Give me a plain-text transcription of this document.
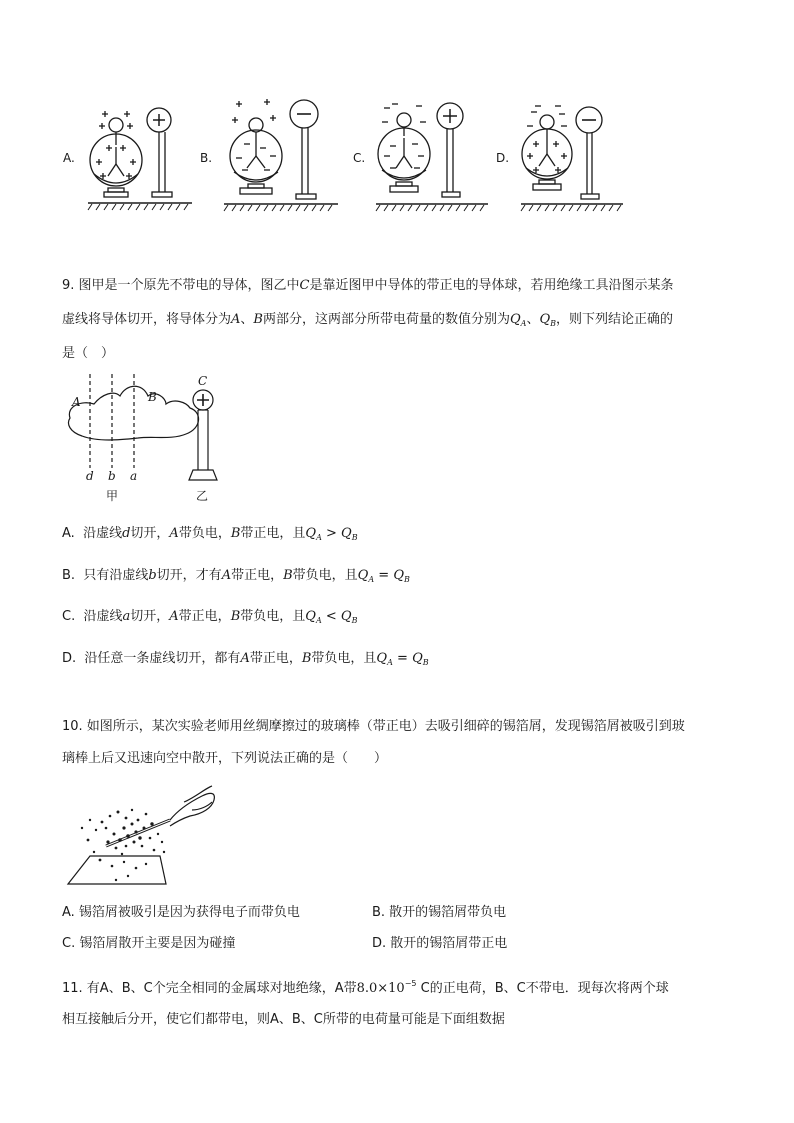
A.	B.	C.	D.
9. 图甲是一个原先不带电的导体，图乙中C是靠近图甲中导体的带正电的导体球，若用绝缘工具沿图示某条
虚线将导体切开，将导体分为A、B两部分，这两部分所带电荷量的数值分别为$Q_A$、$Q_B$，则下列结论正确的
是（　）
A	B
C
d b a
甲	乙
A. 沿虚线d切开，A带负电，B带正电，且$Q_A > Q_B$
B. 只有沿虚线b切开，才有A带正电，B带负电，且$Q_A = Q_B$
C. 沿虚线a切开，A带正电，B带负电，且$Q_A < Q_B$
D. 沿任意一条虚线切开，都有A带正电，B带负电，且$Q_A = Q_B$
10. 如图所示，某次实验老师用丝绸摩擦过的玻璃棒（带正电）去吸引细碎的锡箔屑，发现锡箔屑被吸引到玻
璃棒上后又迅速向空中散开，下列说法正确的是（　　）
A. 锡箔屑被吸引是因为获得电子而带负电	B. 散开的锡箔屑带负电
C. 锡箔屑散开主要是因为碰撞	D. 散开的锡箔屑带正电
11. 有A、B、C个完全相同的金属球对地绝缘，A带$8.0\times 10^{-5}$ C的正电荷，B、C不带电．现每次将两个球
相互接触后分开，使它们都带电，则A、B、C所带的电荷量可能是下面组数据
